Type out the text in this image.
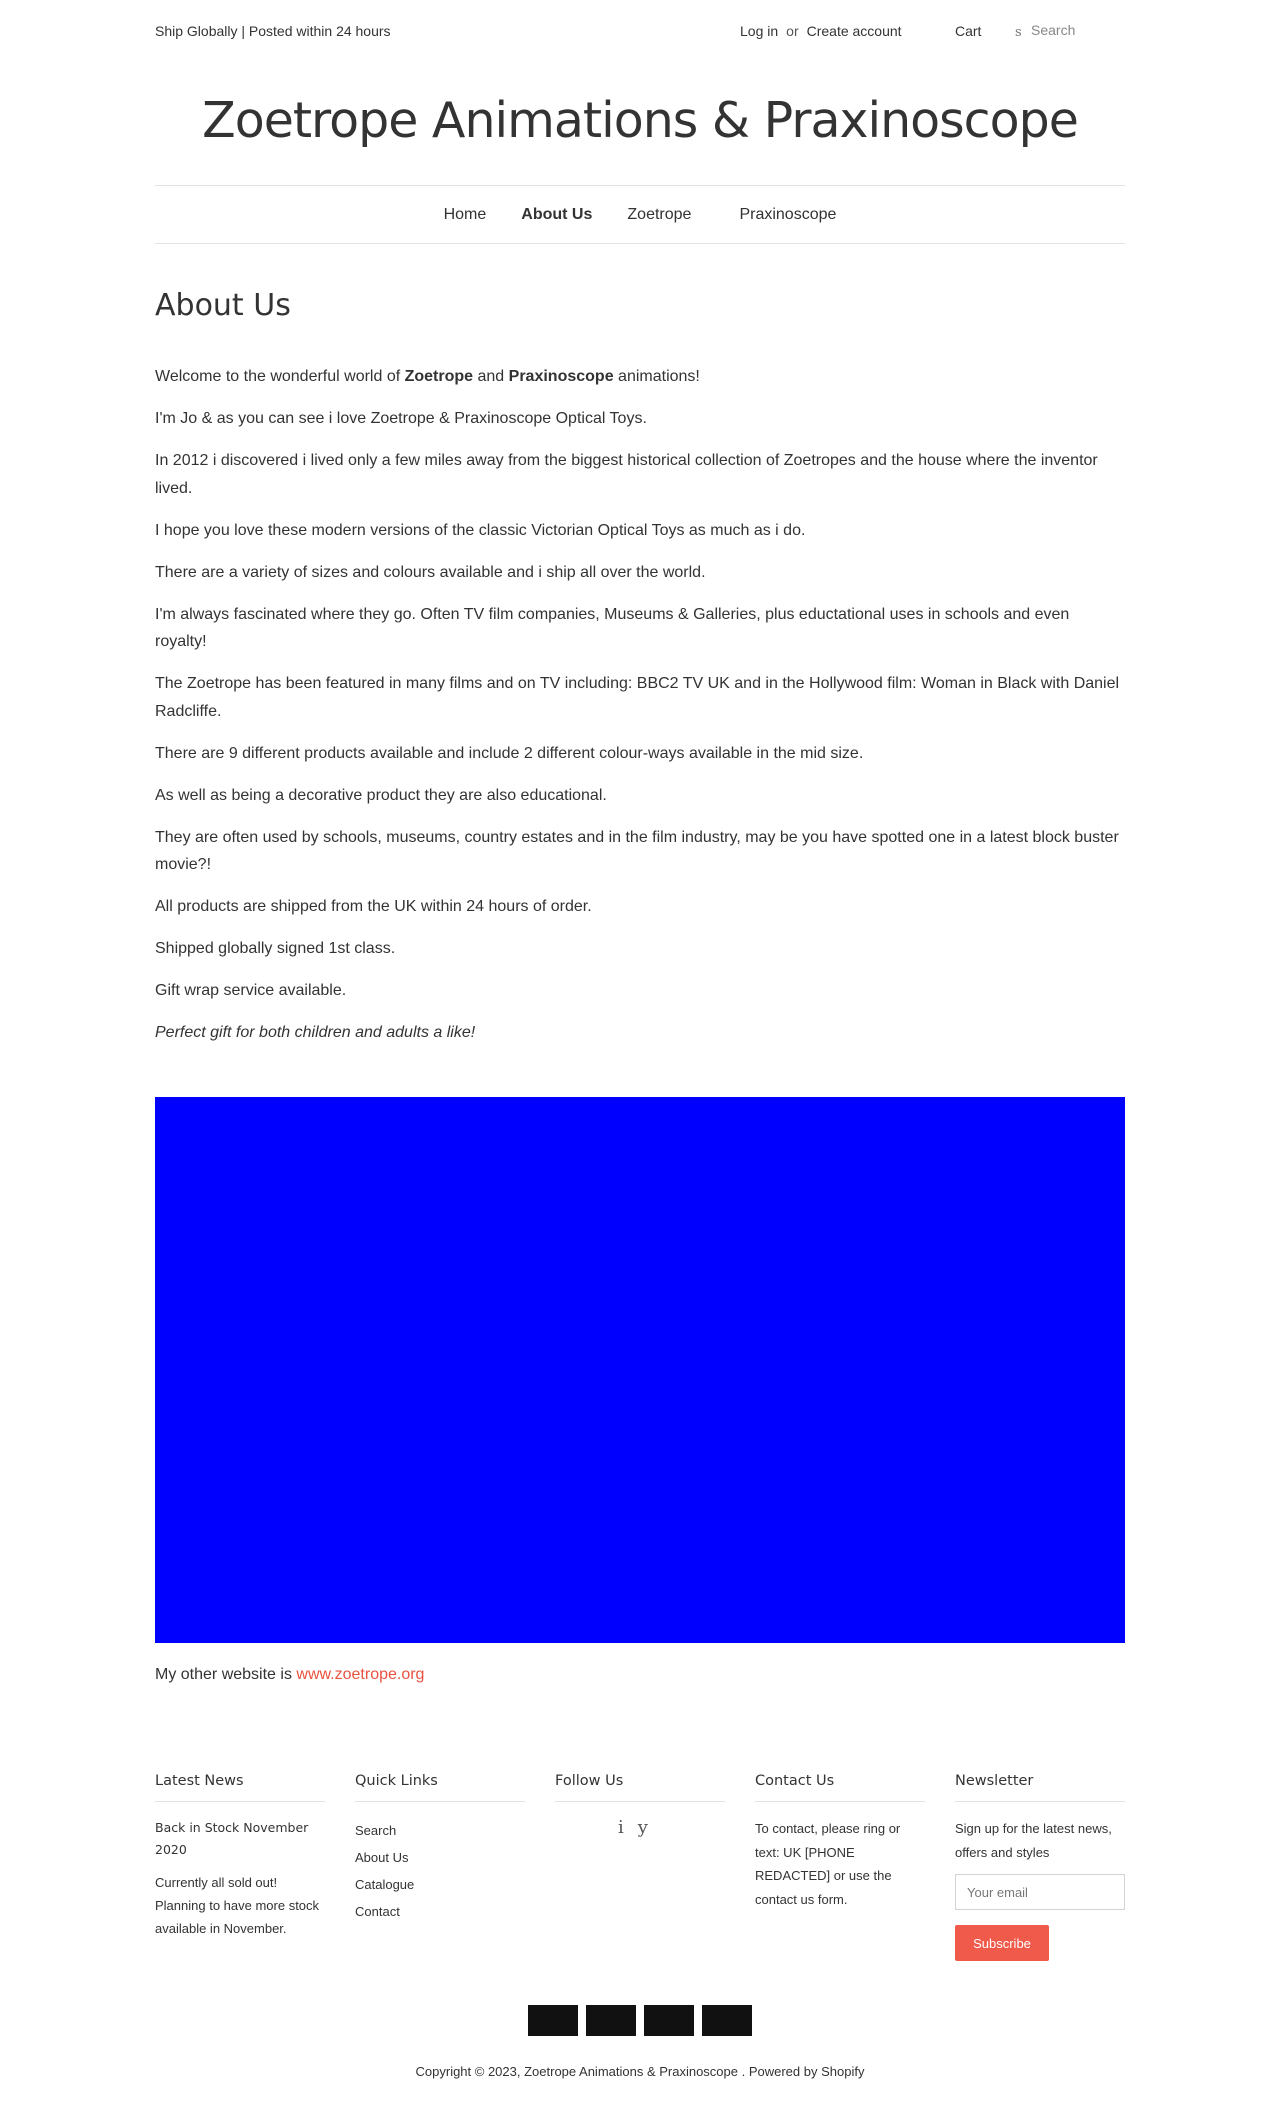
Ship Globally | Posted within 24 hours	Log in or Create account	Cart	s
Search
Zoetrope Animations & Praxinoscope
Home About Us Zoetrope	Praxinoscope
About Us

Welcome to the wonderful world of Zoetrope and Praxinoscope animations!

I'm Jo & as you can see i love Zoetrope & Praxinoscope Optical Toys.

In 2012 i discovered i lived only a few miles away from the biggest historical collection of Zoetropes and the house where the inventor lived.

I hope you love these modern versions of the classic Victorian Optical Toys as much as i do.

There are a variety of sizes and colours available and i ship all over the world.

I'm always fascinated where they go. Often TV film companies, Museums & Galleries, plus eductational uses in schools and even royalty!

The Zoetrope has been featured in many films and on TV including: BBC2 TV UK and in the Hollywood film: Woman in Black with Daniel Radcliffe.

There are 9 different products available and include 2 different colour-ways available in the mid size.

As well as being a decorative product they are also educational.

They are often used by schools, museums, country estates and in the film industry, may be you have spotted one in a latest block buster movie?!

All products are shipped from the UK within 24 hours of order.

Shipped globally signed 1st class.

Gift wrap service available.

Perfect gift for both children and adults a like!

My other website is www.zoetrope.org
Latest News
Back in Stock November 2020
Currently all sold out! Planning to have more stock available in November.
Quick Links
Search
About Us
Catalogue
Contact
Follow Us
iy
Contact Us
To contact, please ring or text: UK [PHONE REDACTED] or use the contact us form.
Newsletter
Sign up for the latest news, offers and styles
Your email
Subscribe
Copyright © 2023, Zoetrope Animations & Praxinoscope . Powered by Shopify
